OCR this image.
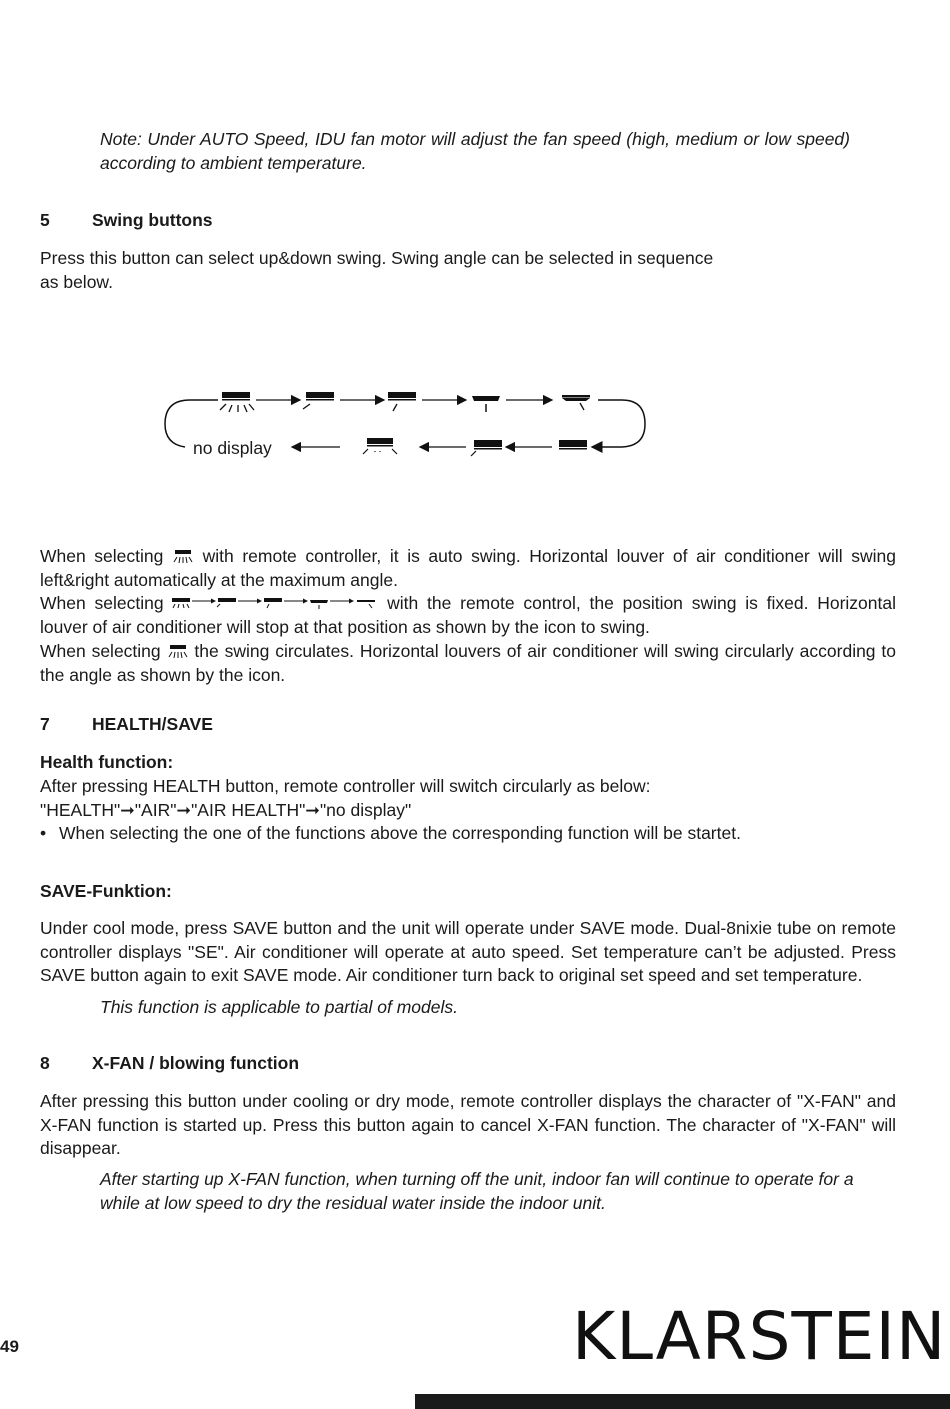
Note: Under AUTO Speed, IDU fan motor will adjust the fan speed (high, medium or low speed) according to ambient temperature.

5 Swing buttons

Press this button can select up&down swing. Swing angle can be selected in sequence as below.

no display

When selecting with remote controller, it is auto swing. Horizontal louver of air conditioner will swing left&right automatically at the maximum angle.

When selecting	with the remote control, the position swing is fixed. Horizontal louver of air conditioner will stop at that position as shown by the icon to swing.

When selecting the swing circulates. Horizontal louvers of air conditioner will swing circularly according to the angle as shown by the icon.

7 HEALTH/SAVE
Health function:

After pressing HEALTH button, remote controller will switch circularly as below:

"HEALTH"➞"AIR"➞"AIR HEALTH"➞"no display"

• When selecting the one of the functions above the corresponding function will be startet.

SAVE-Funktion:

Under cool mode, press SAVE button and the unit will operate under SAVE mode. Dual-8nixie tube on remote controller displays "SE". Air conditioner will operate at auto speed. Set temperature can’t be adjusted. Press SAVE button again to exit SAVE mode. Air conditioner turn back to original set speed and set temperature.

This function is applicable to partial of models.

8 X-FAN / blowing function

After pressing this button under cooling or dry mode, remote controller displays the character of "X-FAN" and X-FAN function is started up. Press this button again to cancel X-FAN function. The character of "X-FAN" will disappear.

After starting up X-FAN function, when turning off the unit, indoor fan will continue to operate for a while at low speed to dry the residual water inside the indoor unit.

49	KLARSTEIN
